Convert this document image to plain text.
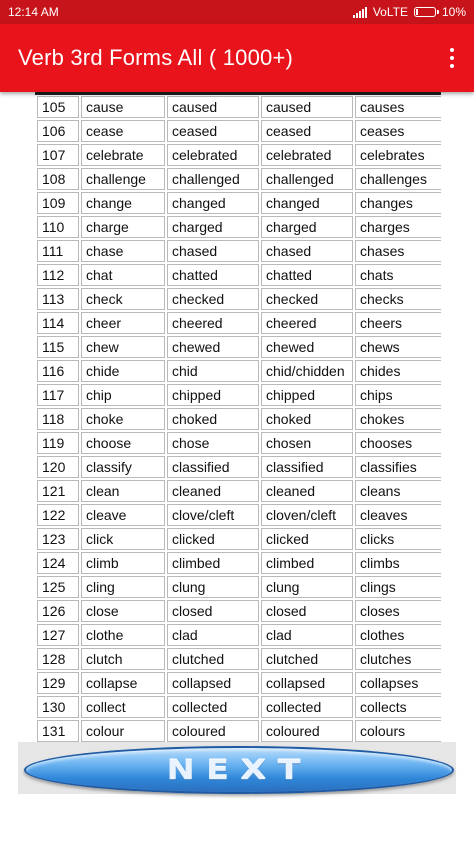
12:14 AM	VoLTE	10%
Verb 3rd Forms All ( 1000+)
105	cause	caused	caused	causes
106	cease	ceased	ceased	ceases
107	celebrate	celebrated	celebrated	celebrates
108	challenge	challenged	challenged	challenges
109	change	changed	changed	changes
110	charge	charged	charged	charges
111	chase	chased	chased	chases
112	chat	chatted	chatted	chats
113	check	checked	checked	checks
114	cheer	cheered	cheered	cheers
115	chew	chewed	chewed	chews
116	chide	chid	chid/chidden	chides
117	chip	chipped	chipped	chips
118	choke	choked	choked	chokes
119	choose	chose	chosen	chooses
120	classify	classified	classified	classifies
121	clean	cleaned	cleaned	cleans
122	cleave	clove/cleft	cloven/cleft	cleaves
123	click	clicked	clicked	clicks
124	climb	climbed	climbed	climbs
125	cling	clung	clung	clings
126	close	closed	closed	closes
127	clothe	clad	clad	clothes
128	clutch	clutched	clutched	clutches
129	collapse	collapsed	collapsed	collapses
130	collect	collected	collected	collects
131	colour	coloured	coloured	colours
NEXT
